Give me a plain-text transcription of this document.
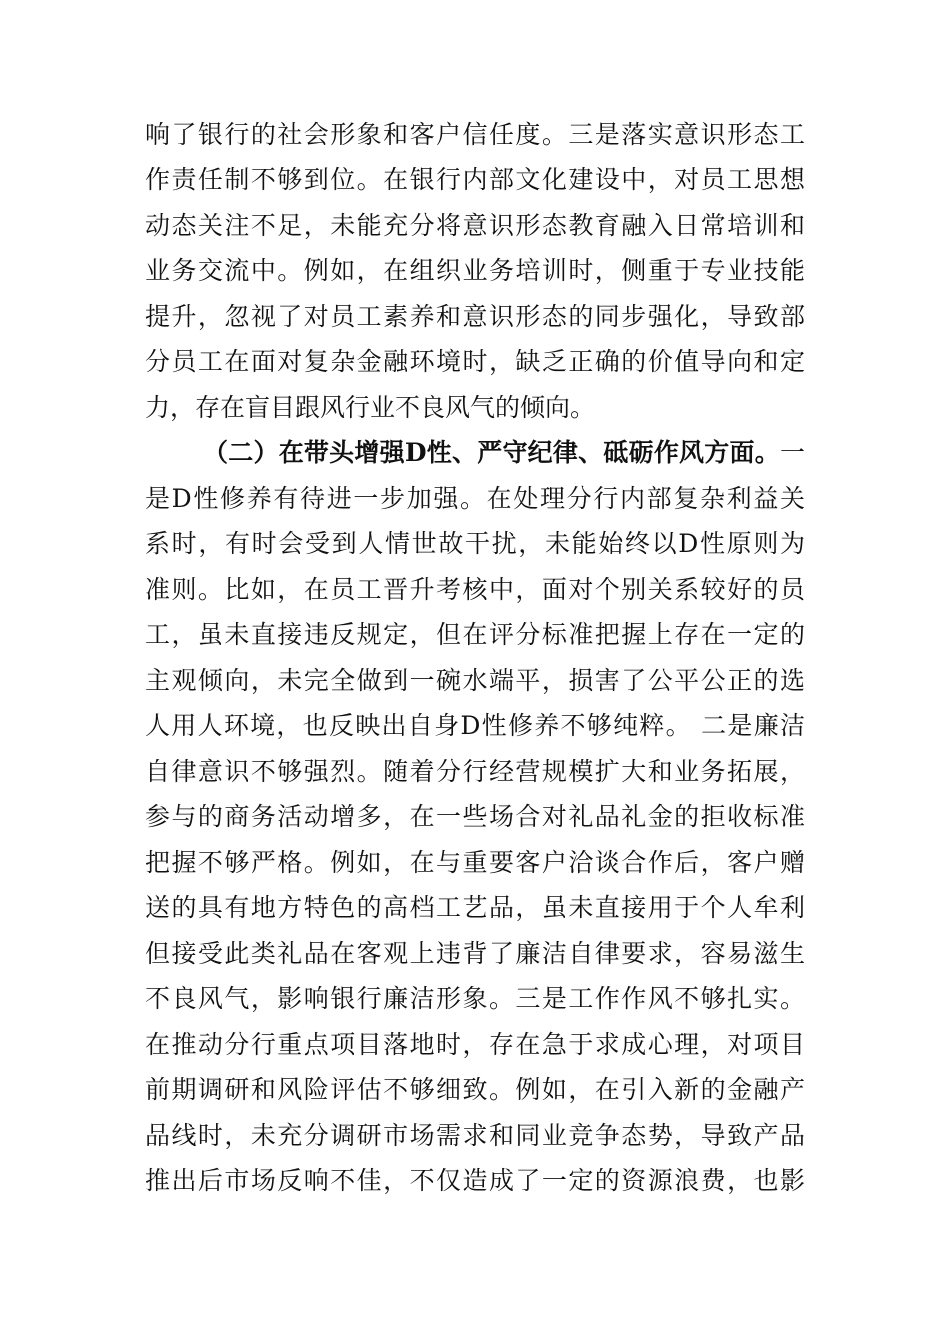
响了银行的社会形象和客户信任度。三是落实意识形态工
作责任制不够到位。在银行内部文化建设中，对员工思想
动态关注不足，未能充分将意识形态教育融入日常培训和
业务交流中。例如，在组织业务培训时，侧重于专业技能
提升，忽视了对员工素养和意识形态的同步强化，导致部
分员工在面对复杂金融环境时，缺乏正确的价值导向和定
力，存在盲目跟风行业不良风气的倾向。
（二）在带头增强D性、严守纪律、砥砺作风方面。一
是D性修养有待进一步加强。在处理分行内部复杂利益关
系时，有时会受到人情世故干扰，未能始终以D性原则为
准则。比如，在员工晋升考核中，面对个别关系较好的员
工，虽未直接违反规定，但在评分标准把握上存在一定的
主观倾向，未完全做到一碗水端平，损害了公平公正的选
人用人环境，也反映出自身D性修养不够纯粹。 二是廉洁
自律意识不够强烈。随着分行经营规模扩大和业务拓展，
参与的商务活动增多，在一些场合对礼品礼金的拒收标准
把握不够严格。例如，在与重要客户洽谈合作后，客户赠
送的具有地方特色的高档工艺品，虽未直接用于个人牟利
但接受此类礼品在客观上违背了廉洁自律要求，容易滋生
不良风气，影响银行廉洁形象。三是工作作风不够扎实。
在推动分行重点项目落地时，存在急于求成心理，对项目
前期调研和风险评估不够细致。例如，在引入新的金融产
品线时，未充分调研市场需求和同业竞争态势，导致产品
推出后市场反响不佳，不仅造成了一定的资源浪费，也影
